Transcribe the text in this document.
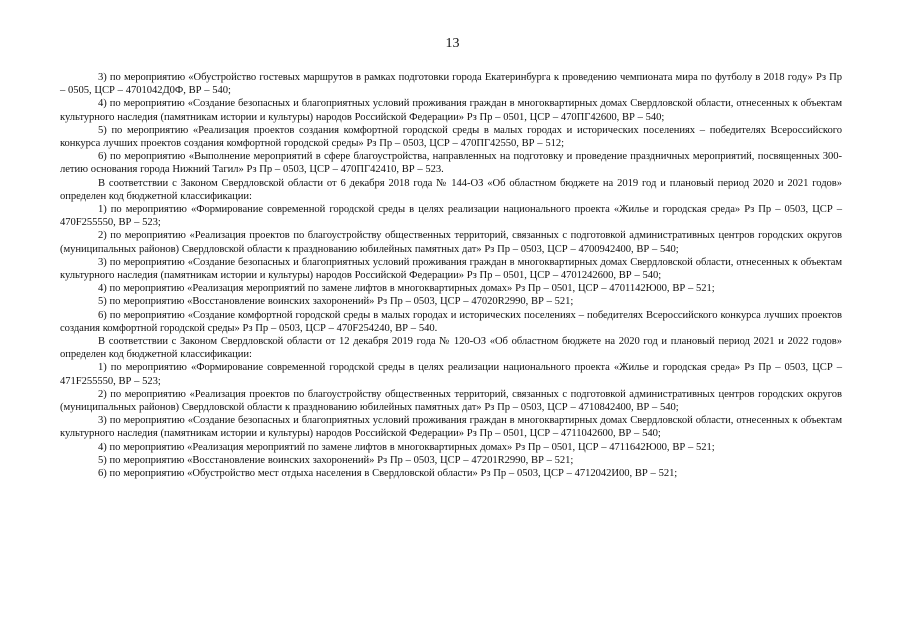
13

3) по мероприятию «Обустройство гостевых маршрутов в рамках подготовки города Екатеринбурга к проведению чемпионата мира по футболу в 2018 году» Рз Пр – 0505, ЦСР – 4701042Д0Ф, ВР – 540;

4) по мероприятию «Создание безопасных и благоприятных условий проживания граждан в многоквартирных домах Свердловской области, отнесенных к объектам культурного наследия (памятникам истории и культуры) народов Российской Федерации» Рз Пр – 0501, ЦСР – 470ПГ42600, ВР – 540;

5) по мероприятию «Реализация проектов создания комфортной городской среды в малых городах и исторических поселениях – победителях Всероссийского конкурса лучших проектов создания комфортной городской среды» Рз Пр – 0503, ЦСР – 470ПГ42550, ВР – 512;

6) по мероприятию «Выполнение мероприятий в сфере благоустройства, направленных на подготовку и проведение праздничных мероприятий, посвященных 300-летию основания города Нижний Тагил» Рз Пр – 0503, ЦСР – 470ПГ42410, ВР – 523.

В соответствии с Законом Свердловской области от 6 декабря 2018 года № 144-ОЗ «Об областном бюджете на 2019 год и плановый период 2020 и 2021 годов» определен код бюджетной классификации:

1) по мероприятию «Формирование современной городской среды в целях реализации национального проекта «Жилье и городская среда» Рз Пр – 0503, ЦСР – 470F255550, ВР – 523;

2) по мероприятию «Реализация проектов по благоустройству общественных территорий, связанных с подготовкой административных центров городских округов (муниципальных районов) Свердловской области к празднованию юбилейных памятных дат» Рз Пр – 0503, ЦСР – 4700942400, ВР – 540;

3) по мероприятию «Создание безопасных и благоприятных условий проживания граждан в многоквартирных домах Свердловской области, отнесенных к объектам культурного наследия (памятникам истории и культуры) народов Российской Федерации» Рз Пр – 0501, ЦСР – 4701242600, ВР – 540;

4) по мероприятию «Реализация мероприятий по замене лифтов в многоквартирных домах» Рз Пр – 0501, ЦСР – 4701142Ю00, ВР – 521;

5) по мероприятию «Восстановление воинских захоронений» Рз Пр – 0503, ЦСР – 47020R2990, ВР – 521;

6) по мероприятию «Создание комфортной городской среды в малых городах и исторических поселениях – победителях Всероссийского конкурса лучших проектов создания комфортной городской среды» Рз Пр – 0503, ЦСР – 470F254240, ВР – 540.

В соответствии с Законом Свердловской области от 12 декабря 2019 года № 120-ОЗ «Об областном бюджете на 2020 год и плановый период 2021 и 2022 годов» определен код бюджетной классификации:

1) по мероприятию «Формирование современной городской среды в целях реализации национального проекта «Жилье и городская среда» Рз Пр – 0503, ЦСР – 471F255550, ВР – 523;

2) по мероприятию «Реализация проектов по благоустройству общественных территорий, связанных с подготовкой административных центров городских округов (муниципальных районов) Свердловской области к празднованию юбилейных памятных дат» Рз Пр – 0503, ЦСР – 4710842400, ВР – 540;

3) по мероприятию «Создание безопасных и благоприятных условий проживания граждан в многоквартирных домах Свердловской области, отнесенных к объектам культурного наследия (памятникам истории и культуры) народов Российской Федерации» Рз Пр – 0501, ЦСР – 4711042600, ВР – 540;

4) по мероприятию «Реализация мероприятий по замене лифтов в многоквартирных домах» Рз Пр – 0501, ЦСР – 4711642Ю00, ВР – 521;

5) по мероприятию «Восстановление воинских захоронений» Рз Пр – 0503, ЦСР – 47201R2990, ВР – 521;

6) по мероприятию «Обустройство мест отдыха населения в Свердловской области» Рз Пр – 0503, ЦСР – 4712042И00, ВР – 521;
